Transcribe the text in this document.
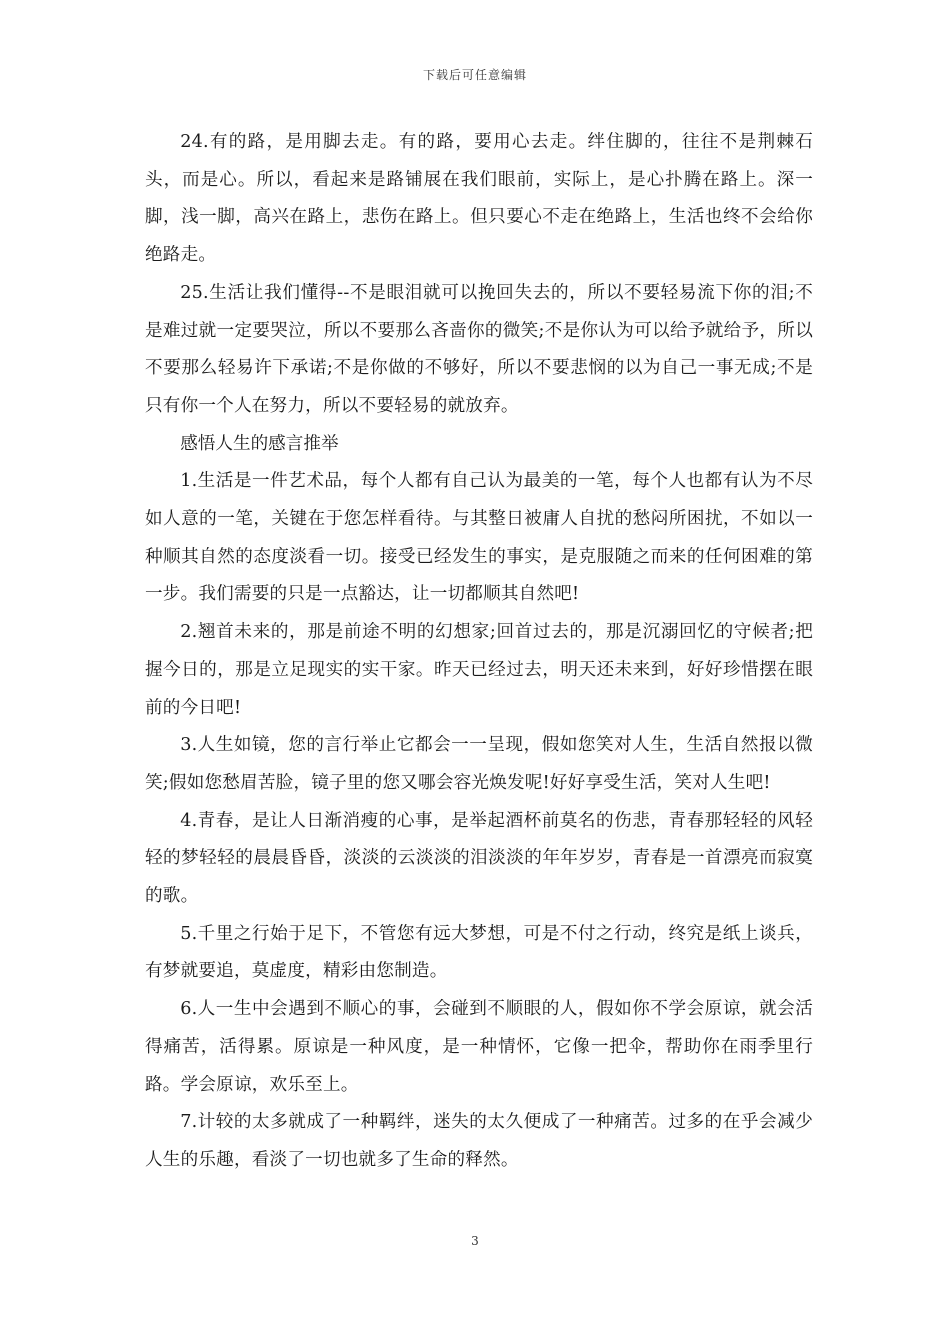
下载后可任意编辑

24.有的路，是用脚去走。有的路，要用心去走。绊住脚的，往往不是荆棘石头，而是心。所以，看起来是路铺展在我们眼前，实际上，是心扑腾在路上。深一脚，浅一脚，高兴在路上，悲伤在路上。但只要心不走在绝路上，生活也终不会给你绝路走。

25.生活让我们懂得--不是眼泪就可以挽回失去的，所以不要轻易流下你的泪;不是难过就一定要哭泣，所以不要那么吝啬你的微笑;不是你认为可以给予就给予，所以不要那么轻易许下承诺;不是你做的不够好，所以不要悲悯的以为自己一事无成;不是只有你一个人在努力，所以不要轻易的就放弃。

感悟人生的感言推举

1.生活是一件艺术品，每个人都有自己认为最美的一笔，每个人也都有认为不尽如人意的一笔，关键在于您怎样看待。与其整日被庸人自扰的愁闷所困扰，不如以一种顺其自然的态度淡看一切。接受已经发生的事实，是克服随之而来的任何困难的第一步。我们需要的只是一点豁达，让一切都顺其自然吧!

2.翘首未来的，那是前途不明的幻想家;回首过去的，那是沉溺回忆的守候者;把握今日的，那是立足现实的实干家。昨天已经过去，明天还未来到，好好珍惜摆在眼前的今日吧!

3.人生如镜，您的言行举止它都会一一呈现，假如您笑对人生，生活自然报以微笑;假如您愁眉苦脸，镜子里的您又哪会容光焕发呢!好好享受生活，笑对人生吧!

4.青春，是让人日渐消瘦的心事，是举起酒杯前莫名的伤悲，青春那轻轻的风轻轻的梦轻轻的晨晨昏昏，淡淡的云淡淡的泪淡淡的年年岁岁，青春是一首漂亮而寂寞的歌。

5.千里之行始于足下，不管您有远大梦想，可是不付之行动，终究是纸上谈兵，有梦就要追，莫虚度，精彩由您制造。

6.人一生中会遇到不顺心的事，会碰到不顺眼的人，假如你不学会原谅，就会活得痛苦，活得累。原谅是一种风度，是一种情怀，它像一把伞，帮助你在雨季里行路。学会原谅，欢乐至上。

7.计较的太多就成了一种羁绊，迷失的太久便成了一种痛苦。过多的在乎会减少人生的乐趣，看淡了一切也就多了生命的释然。

3
